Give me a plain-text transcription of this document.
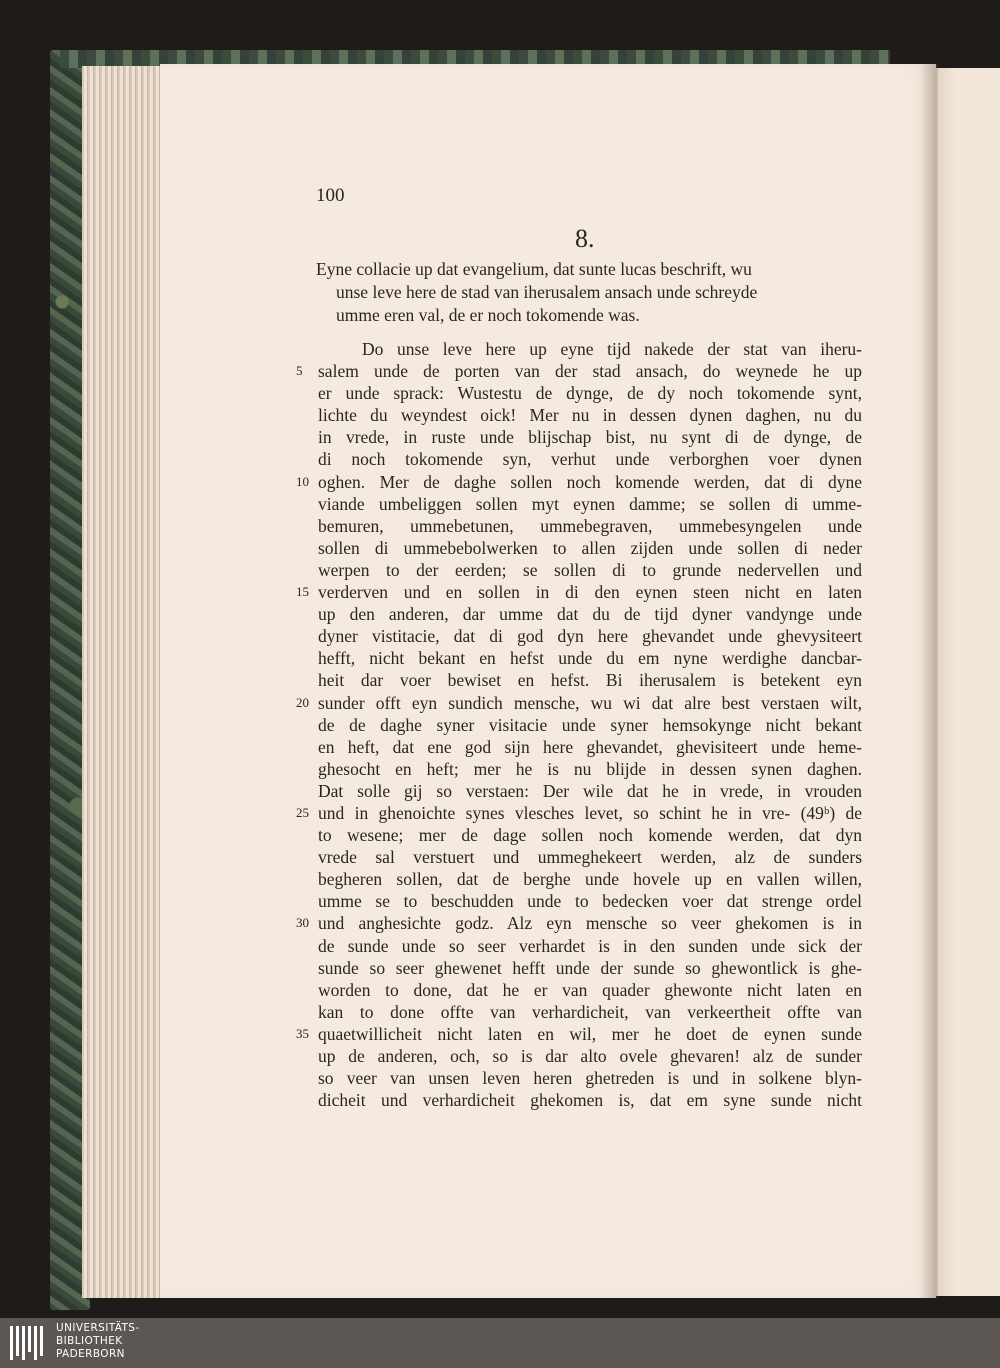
100
8.
Eyne collacie up dat evangelium, dat sunte lucas beschrift, wu
unse leve here de stad van iherusalem ansach unde schreyde
umme eren val, de er noch tokomende was.
Do unse leve here up eyne tijd nakede der stat van iheru-
5 salem unde de porten van der stad ansach, do weynede he up
er unde sprack: Wustestu de dynge, de dy noch tokomende synt,
lichte du weyndest oick! Mer nu in dessen dynen daghen, nu du
in vrede, in ruste unde blijschap bist, nu synt di de dynge, de
di noch tokomende syn, verhut unde verborghen voer dynen
10 oghen. Mer de daghe sollen noch komende werden, dat di dyne
viande umbeliggen sollen myt eynen damme; se sollen di umme-
bemuren, ummebetunen, ummebegraven, ummebesyngelen unde
sollen di ummebebolwerken to allen zijden unde sollen di neder
werpen to der eerden; se sollen di to grunde nedervellen und
15 verderven und en sollen in di den eynen steen nicht en laten
up den anderen, dar umme dat du de tijd dyner vandynge unde
dyner vistitacie, dat di god dyn here ghevandet unde ghevysiteert
hefft, nicht bekant en hefst unde du em nyne werdighe dancbar-
heit dar voer bewiset en hefst. Bi iherusalem is betekent eyn
20 sunder offt eyn sundich mensche, wu wi dat alre best verstaen wilt,
de de daghe syner visitacie unde syner hemsokynge nicht bekant
en heft, dat ene god sijn here ghevandet, ghevisiteert unde heme-
ghesocht en heft; mer he is nu blijde in dessen synen daghen.
Dat solle gij so verstaen: Der wile dat he in vrede, in vrouden
25 und in ghenoichte synes vlesches levet, so schint he in vre- (49ᵇ) de
to wesene; mer de dage sollen noch komende werden, dat dyn
vrede sal verstuert und ummeghekeert werden, alz de sunders
begheren sollen, dat de berghe unde hovele up en vallen willen,
umme se to beschudden unde to bedecken voer dat strenge ordel
30 und anghesichte godz. Alz eyn mensche so veer ghekomen is in
de sunde unde so seer verhardet is in den sunden unde sick der
sunde so seer ghewenet hefft unde der sunde so ghewontlick is ghe-
worden to done, dat he er van quader ghewonte nicht laten en
kan to done offte van verhardicheit, van verkeertheit offte van
35 quaetwillicheit nicht laten en wil, mer he doet de eynen sunde
up de anderen, och, so is dar alto ovele ghevaren! alz de sunder
so veer van unsen leven heren ghetreden is und in solkene blyn-
dicheit und verhardicheit ghekomen is, dat em syne sunde nicht
UNIVERSITÄTS-
BIBLIOTHEK
PADERBORN
